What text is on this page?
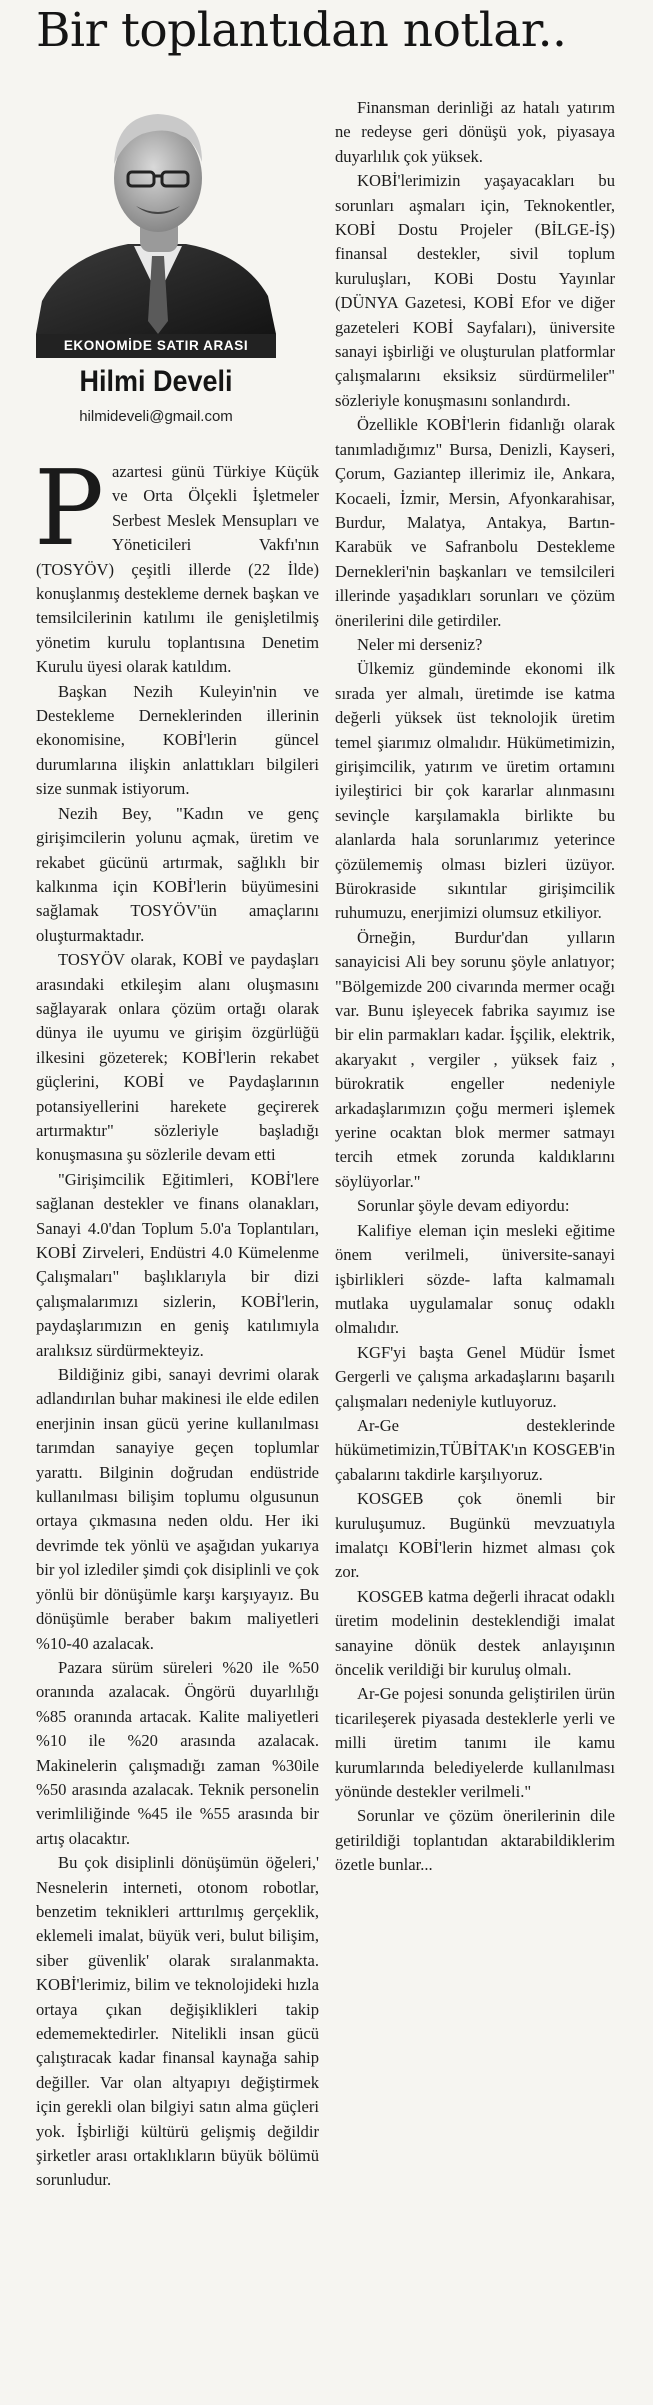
Bir toplantıdan notlar..
EKONOMİDE SATIR ARASI
Hilmi Develi
hilmideveli@gmail.com

Pazartesi günü Türkiye Küçük ve Orta Ölçekli İşletmeler Serbest Meslek Mensupları ve Yöneticileri Vakfı'nın (TOSYÖV) çeşitli illerde (22 İlde) konuşlanmış destekleme dernek başkan ve temsilcilerinin katılımı ile genişletilmiş yönetim kurulu toplantısına Denetim Kurulu üyesi olarak katıldım.

Başkan Nezih Kuleyin'nin ve Destekleme Derneklerinden illerinin ekonomisine, KOBİ'lerin güncel durumlarına ilişkin anlattıkları bilgileri size sunmak istiyorum.

Nezih Bey, "Kadın ve genç girişimcilerin yolunu açmak, üretim ve rekabet gücünü artırmak, sağlıklı bir kalkınma için KOBİ'lerin büyümesini sağlamak TOSYÖV'ün amaçlarını oluşturmaktadır.

TOSYÖV olarak, KOBİ ve paydaşları arasındaki etkileşim alanı oluşmasını sağlayarak onlara çözüm ortağı olarak dünya ile uyumu ve girişim özgürlüğü ilkesini gözeterek; KOBİ'lerin rekabet güçlerini, KOBİ ve Paydaşlarının potansiyellerini harekete geçirerek artırmaktır" sözleriyle başladığı konuşmasına şu sözlerile devam etti

"Girişimcilik Eğitimleri, KOBİ'lere sağlanan destekler ve finans olanakları, Sanayi 4.0'dan Toplum 5.0'a Toplantıları, KOBİ Zirveleri, Endüstri 4.0 Kümelenme Çalışmaları" başlıklarıyla bir dizi çalışmalarımızı sizlerin, KOBİ'lerin, paydaşlarımızın en geniş katılımıyla aralıksız sürdürmekteyiz.

Bildiğiniz gibi, sanayi devrimi olarak adlandırılan buhar makinesi ile elde edilen enerjinin insan gücü yerine kullanılması tarımdan sanayiye geçen toplumlar yarattı. Bilginin doğrudan endüstride kullanılması bilişim toplumu olgusunun ortaya çıkmasına neden oldu. Her iki devrimde tek yönlü ve aşağıdan yukarıya bir yol izlediler şimdi çok disiplinli ve çok yönlü bir dönüşümle karşı karşıyayız. Bu dönüşümle beraber bakım maliyetleri %10-40 azalacak.

Pazara sürüm süreleri %20 ile %50 oranında azalacak. Öngörü duyarlılığı %85 oranında artacak. Kalite maliyetleri %10 ile %20 arasında azalacak. Makinelerin çalışmadığı zaman %30ile %50 arasında azalacak. Teknik personelin verimliliğinde %45 ile %55 arasında bir artış olacaktır.

Bu çok disiplinli dönüşümün öğeleri,' Nesnelerin interneti, otonom robotlar, benzetim teknikleri arttırılmış gerçeklik, eklemeli imalat, büyük veri, bulut bilişim, siber güvenlik' olarak sıralanmakta. KOBİ'lerimiz, bilim ve teknolojideki hızla ortaya çıkan değişiklikleri takip edememektedirler. Nitelikli insan gücü çalıştıracak kadar finansal kaynağa sahip değiller. Var olan altyapıyı değiştirmek için gerekli olan bilgiyi satın alma güçleri yok. İşbirliği kültürü gelişmiş değildir şirketler arası ortaklıkların büyük bölümü sorunludur.

Finansman derinliği az hatalı yatırım ne redeyse geri dönüşü yok, piyasaya duyarlılık çok yüksek.

KOBİ'lerimizin yaşayacakları bu sorunları aşmaları için, Teknokentler, KOBİ Dostu Projeler (BİLGE-İŞ) finansal destekler, sivil toplum kuruluşları, KOBi Dostu Yayınlar (DÜNYA Gazetesi, KOBİ Efor ve diğer gazeteleri KOBİ Sayfaları), üniversite sanayi işbirliği ve oluşturulan platformlar çalışmalarını eksiksiz sürdürmeliler" sözleriyle konuşmasını sonlandırdı.

Özellikle KOBİ'lerin fidanlığı olarak tanımladığımız" Bursa, Denizli, Kayseri, Çorum, Gaziantep illerimiz ile, Ankara, Kocaeli, İzmir, Mersin, Afyonkarahisar, Burdur, Malatya, Antakya, Bartın-Karabük ve Safranbolu Destekleme Dernekleri'nin başkanları ve temsilcileri illerinde yaşadıkları sorunları ve çözüm önerilerini dile getirdiler.

Neler mi derseniz?

Ülkemiz gündeminde ekonomi ilk sırada yer almalı, üretimde ise katma değerli yüksek üst teknolojik üretim temel şiarımız olmalıdır. Hükümetimizin, girişimcilik, yatırım ve üretim ortamını iyileştirici bir çok kararlar alınmasını sevinçle karşılamakla birlikte bu alanlarda hala sorunlarımız yeterince çözülememiş olması bizleri üzüyor. Bürokraside sıkıntılar girişimcilik ruhumuzu, enerjimizi olumsuz etkiliyor.

Örneğin, Burdur'dan yılların sanayicisi Ali bey sorunu şöyle anlatıyor; "Bölgemizde 200 civarında mermer ocağı var. Bunu işleyecek fabrika sayımız ise bir elin parmakları kadar. İşçilik, elektrik, akaryakıt , vergiler , yüksek faiz , bürokratik engeller nedeniyle arkadaşlarımızın çoğu mermeri işlemek yerine ocaktan blok mermer satmayı tercih etmek zorunda kaldıklarını söylüyorlar."

Sorunlar şöyle devam ediyordu:

Kalifiye eleman için mesleki eğitime önem verilmeli, üniversite-sanayi işbirlikleri sözde- lafta kalmamalı mutlaka uygulamalar sonuç odaklı olmalıdır.

KGF'yi başta Genel Müdür İsmet Gergerli ve çalışma arkadaşlarını başarılı çalışmaları nedeniyle kutluyoruz.

Ar-Ge desteklerinde hükümetimizin,TÜBİTAK'ın KOSGEB'in çabalarını takdirle karşılıyoruz.

KOSGEB çok önemli bir kuruluşumuz. Bugünkü mevzuatıyla imalatçı KOBİ'lerin hizmet alması çok zor.

KOSGEB katma değerli ihracat odaklı üretim modelinin desteklendiği imalat sanayine dönük destek anlayışının öncelik verildiği bir kuruluş olmalı.

Ar-Ge pojesi sonunda geliştirilen ürün ticarileşerek piyasada desteklerle yerli ve milli üretim tanımı ile kamu kurumlarında belediyelerde kullanılması yönünde destekler verilmeli."

Sorunlar ve çözüm önerilerinin dile getirildiği toplantıdan aktarabildiklerim özetle bunlar...
